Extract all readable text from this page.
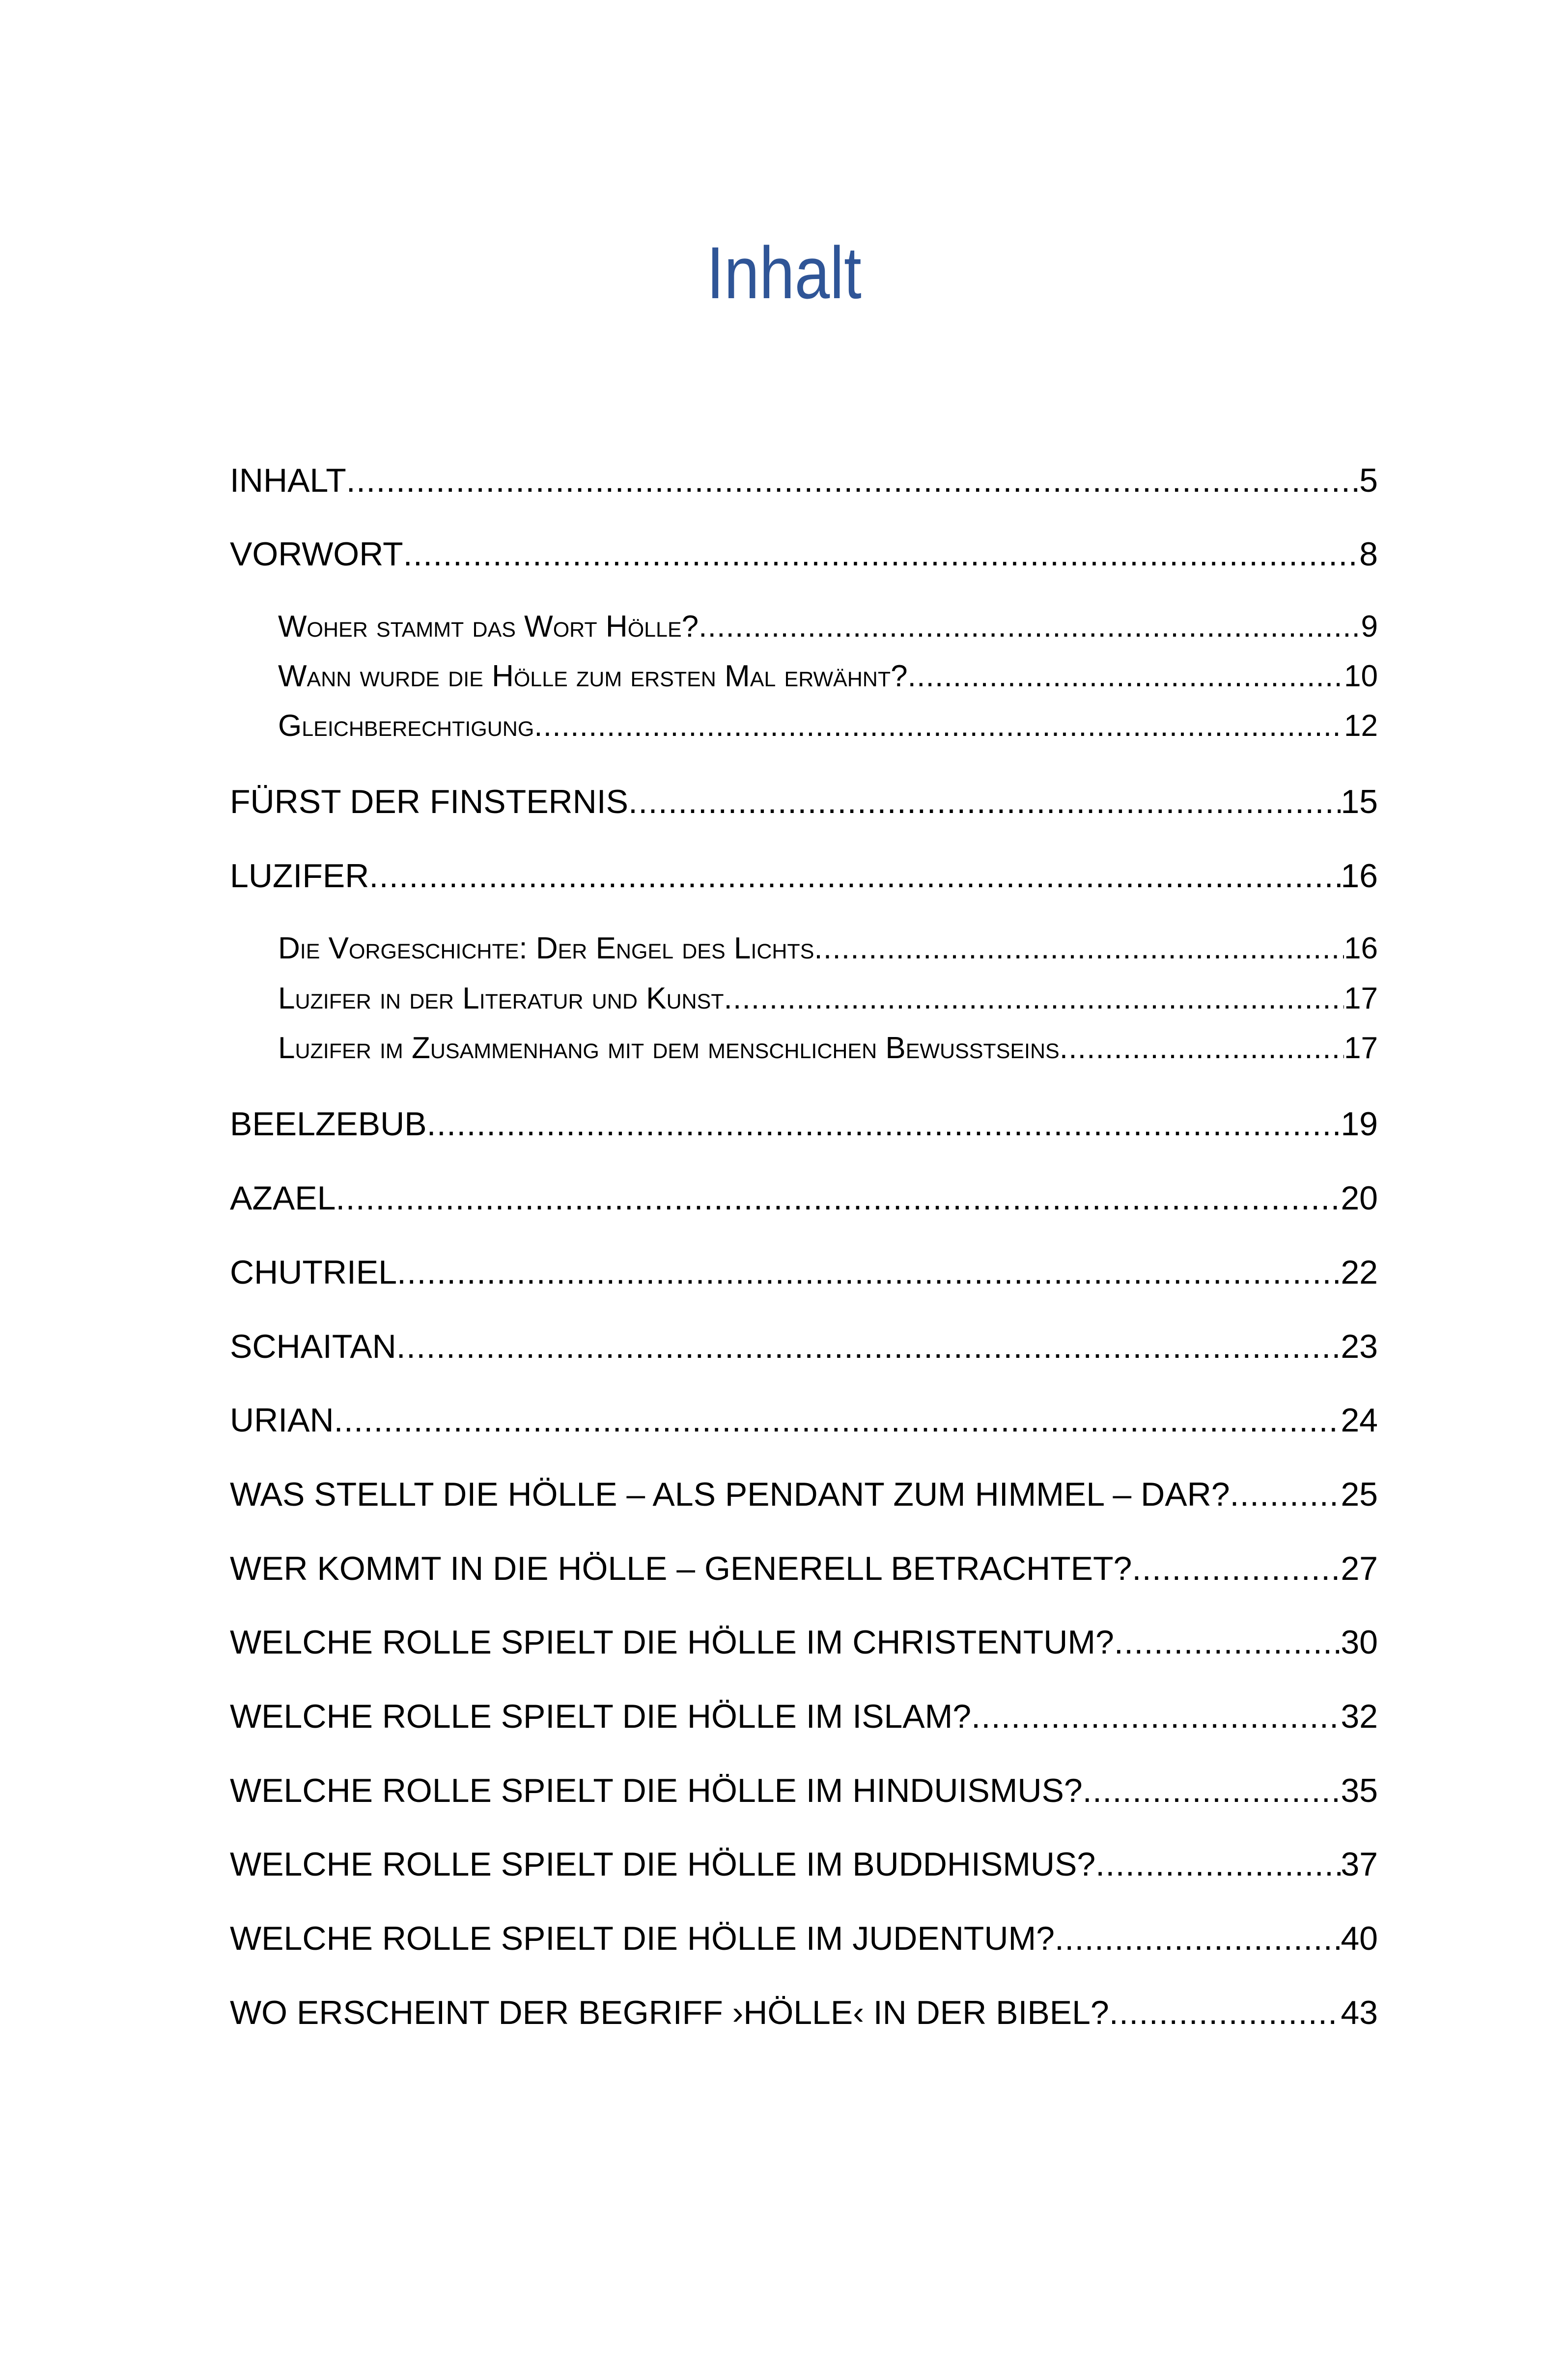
Inhalt
INHALT .....	5
VORWORT .....	8
Woher stammt das Wort Hölle? .....	9
Wann wurde die Hölle zum ersten Mal erwähnt? .....	10
Gleichberechtigung .....	12
FÜRST DER FINSTERNIS .....	15
LUZIFER .....	16
Die Vorgeschichte: Der Engel des Lichts .....	16
Luzifer in der Literatur und Kunst .....	17
Luzifer im Zusammenhang mit dem menschlichen Bewusstseins .....	17
BEELZEBUB .....	19
AZAEL .....	20
CHUTRIEL .....	22
SCHAITAN .....	23
URIAN .....	24
WAS STELLT DIE HÖLLE – ALS PENDANT ZUM HIMMEL – DAR? .....	25
WER KOMMT IN DIE HÖLLE – GENERELL BETRACHTET? .....	27
WELCHE ROLLE SPIELT DIE HÖLLE IM CHRISTENTUM? .....	30
WELCHE ROLLE SPIELT DIE HÖLLE IM ISLAM? .....	32
WELCHE ROLLE SPIELT DIE HÖLLE IM HINDUISMUS? .....	35
WELCHE ROLLE SPIELT DIE HÖLLE IM BUDDHISMUS? .....	37
WELCHE ROLLE SPIELT DIE HÖLLE IM JUDENTUM? .....	40
WO ERSCHEINT DER BEGRIFF ›HÖLLE‹ IN DER BIBEL? .....	43
